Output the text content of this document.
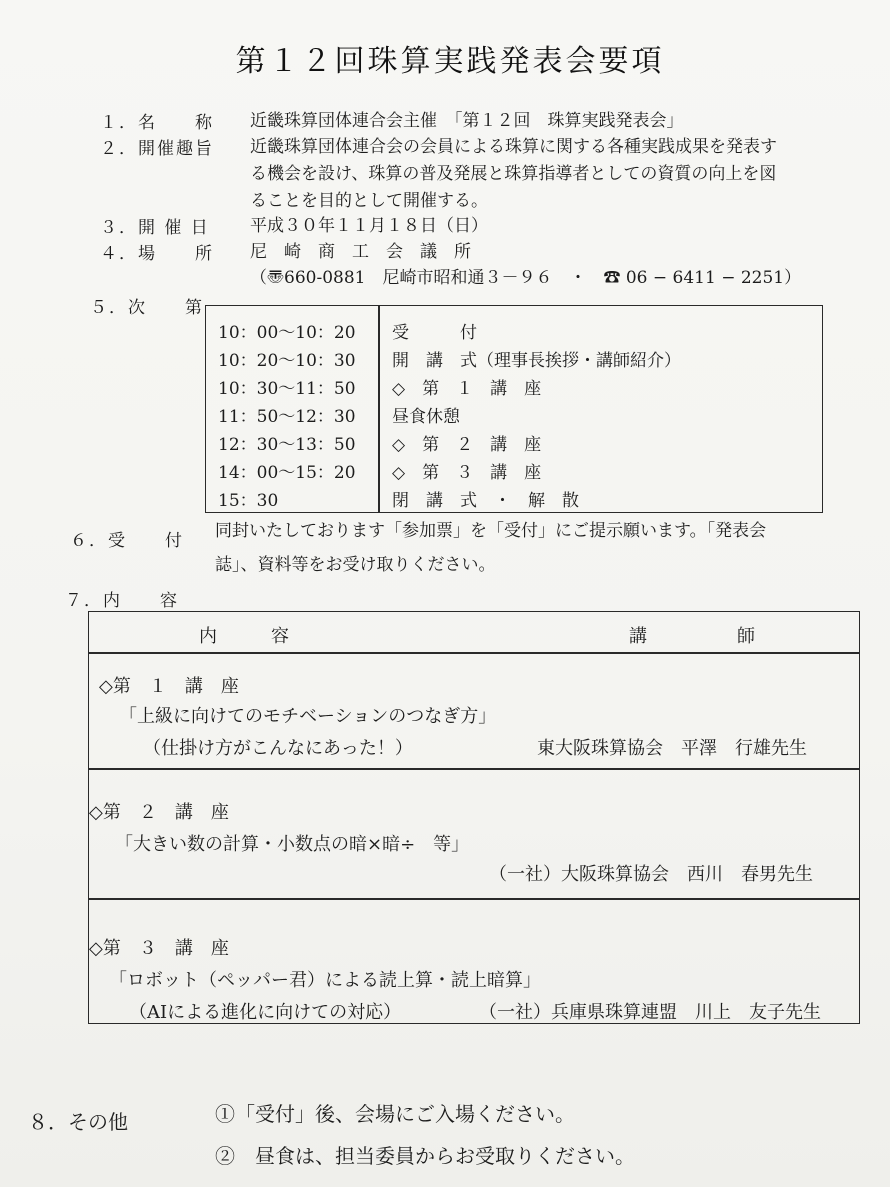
第１２回珠算実践発表会要項
１．名　　称 近畿珠算団体連合会主催　「第１２回　珠算実践発表会」
２．開催趣旨 近畿珠算団体連合会の会員による珠算に関する各種実践成果を発表す
る機会を設け、珠算の普及発展と珠算指導者としての資質の向上を図
ることを目的として開催する。
３．開 催 日 平成３０年１１月１８日（日）
４．場　　所 尼　崎　商　工　会　議　所
（〠660-0881　尼崎市昭和通３－９６　・　☎ 06 − 6411 − 2251）
５．次　　第
10：00～10：20 受　　　付
10：20～10：30 開　講　式（理事長挨拶・講師紹介）
10：30～11：50 ◇　第　１　講　座
11：50～12：30 昼食休憩
12：30～13：50 ◇　第　２　講　座
14：00～15：20 ◇　第　３　講　座
15：30	閉　講　式　・　解　散
６．受　　付 同封いたしております「参加票」を「受付」にご提示願います。「発表会
誌」、資料等をお受け取りください。
７．内　　容
内　　　容	講　　　　　師
◇第　１　講　座
「上級に向けてのモチベーションのつなぎ方」
（仕掛け方がこんなにあった！）	東大阪珠算協会　平澤　行雄先生
◇第　２　講　座
「大きい数の計算・小数点の暗×暗÷　等」
（一社）大阪珠算協会　西川　春男先生
◇第　３　講　座
「ロボット（ペッパー君）による読上算・読上暗算」
（AIによる進化に向けての対応）	（一社）兵庫県珠算連盟　川上　友子先生
８．その他	①「受付」後、会場にご入場ください。
②　昼食は、担当委員からお受取りください。
